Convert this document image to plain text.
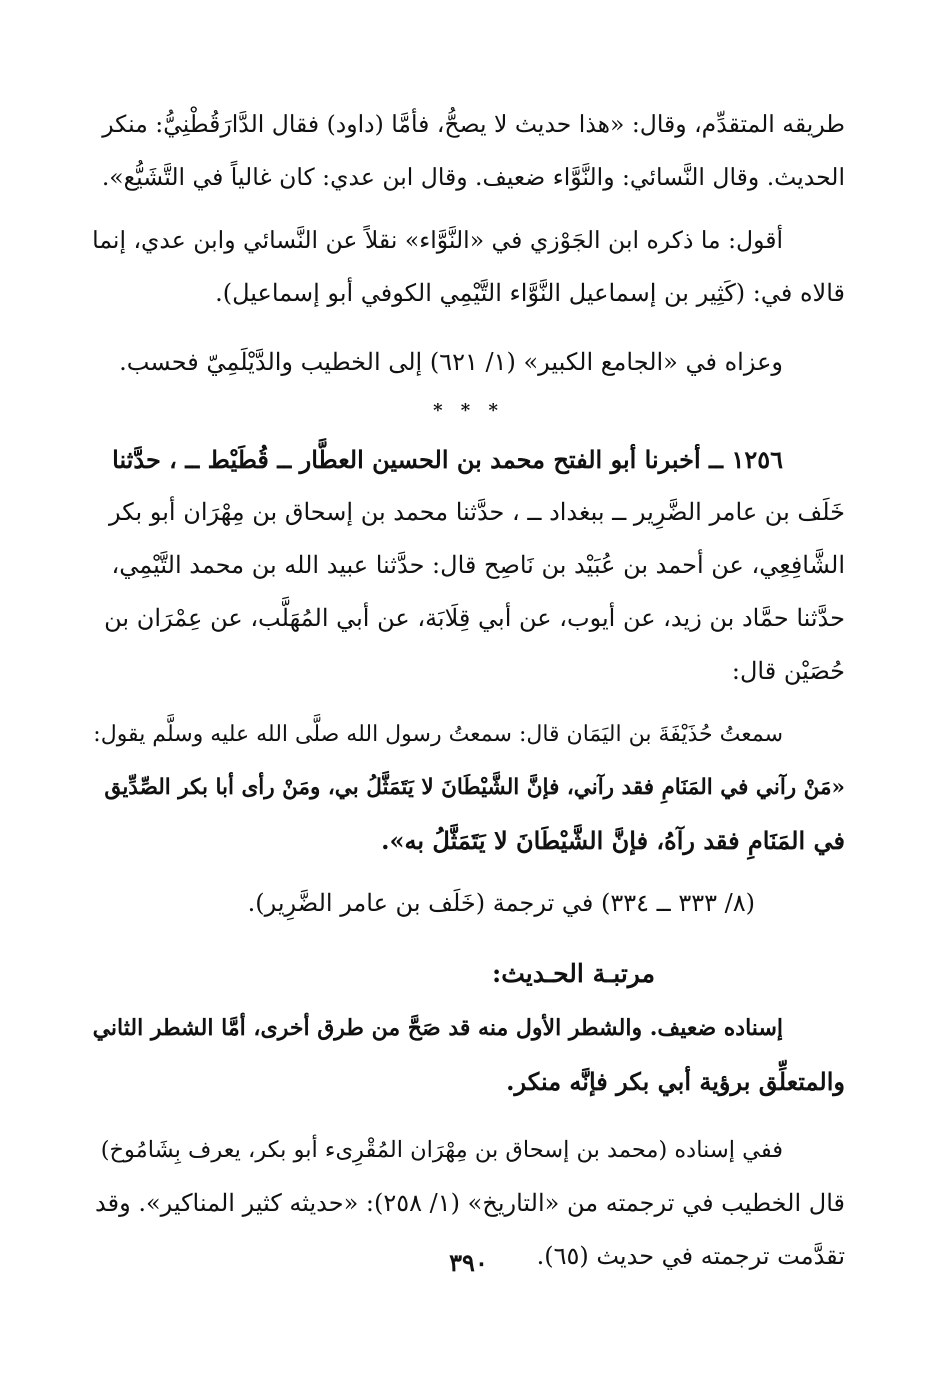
طريقه المتقدِّم، وقال: «هذا حديث لا يصحُّ، فأمَّا (داود) فقال الدَّارَقُطْنِيُّ: منكر
الحديث. وقال النَّسائي: والنَّوَّاء ضعيف. وقال ابن عدي: كان غالياً في التَّشَيُّع».
أقول: ما ذكره ابن الجَوْزي في «النَّوَّاء» نقلاً عن النَّسائي وابن عدي، إنما
قالاه في: (كَثِير بن إسماعيل النَّوَّاء التَّيْمِي الكوفي أبو إسماعيل).
وعزاه في «الجامع الكبير» (١/ ٦٢١) إلى الخطيب والدَّيْلَمِيّ فحسب.
* * *
١٢٥٦ ــ أخبرنا أبو الفتح محمد بن الحسين العطَّار ــ قُطَيْط ــ ، حدَّثنا
خَلَف بن عامر الضَّرِير ــ ببغداد ــ ، حدَّثنا محمد بن إسحاق بن مِهْرَان أبو بكر
الشَّافِعِي، عن أحمد بن عُبَيْد بن نَاصِح قال: حدَّثنا عبيد الله بن محمد التَّيْمِي،
حدَّثنا حمَّاد بن زيد، عن أيوب، عن أبي قِلَابَة، عن أبي المُهَلَّب، عن عِمْرَان بن
حُصَيْن قال:
سمعتُ حُذَيْفَةَ بن اليَمَان قال: سمعتُ رسول الله صلَّى الله عليه وسلَّم يقول:
«مَنْ رآني في المَنَامِ فقد رآني، فإنَّ الشَّيْطَانَ لا يَتَمَثَّلُ بي، ومَنْ رأى أبا بكر الصِّدِّيق
في المَنَامِ فقد رآهُ، فإنَّ الشَّيْطَانَ لا يَتَمَثَّلُ به».
(٨/ ٣٣٣ ــ ٣٣٤) في ترجمة (خَلَف بن عامر الضَّرِير).
مرتبـة الحـديث:
إسناده ضعيف. والشطر الأول منه قد صَحَّ من طرق أخرى، أمَّا الشطر الثاني
والمتعلِّق برؤية أبي بكر فإنَّه منكر.
ففي إسناده (محمد بن إسحاق بن مِهْرَان المُقْرِىء أبو بكر، يعرف بِشَامُوخ)
قال الخطيب في ترجمته من «التاريخ» (١/ ٢٥٨): «حديثه كثير المناكير». وقد
تقدَّمت ترجمته في حديث (٦٥).
٣٩٠
